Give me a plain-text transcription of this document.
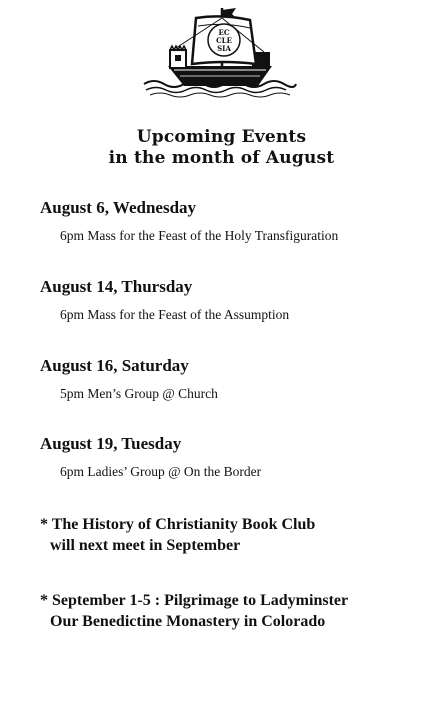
EC
CLE
SIA
Upcoming Events
in the month of August

August 6, Wednesday

6pm Mass for the Feast of the Holy Transfiguration

August 14, Thursday

6pm Mass for the Feast of the Assumption

August 16, Saturday

5pm Men’s Group @ Church

August 19, Tuesday

6pm Ladies’ Group @ On the Border

* The History of Christianity Book Club
will next meet in September
* September 1-5 : Pilgrimage to Ladyminster
Our Benedictine Monastery in Colorado
